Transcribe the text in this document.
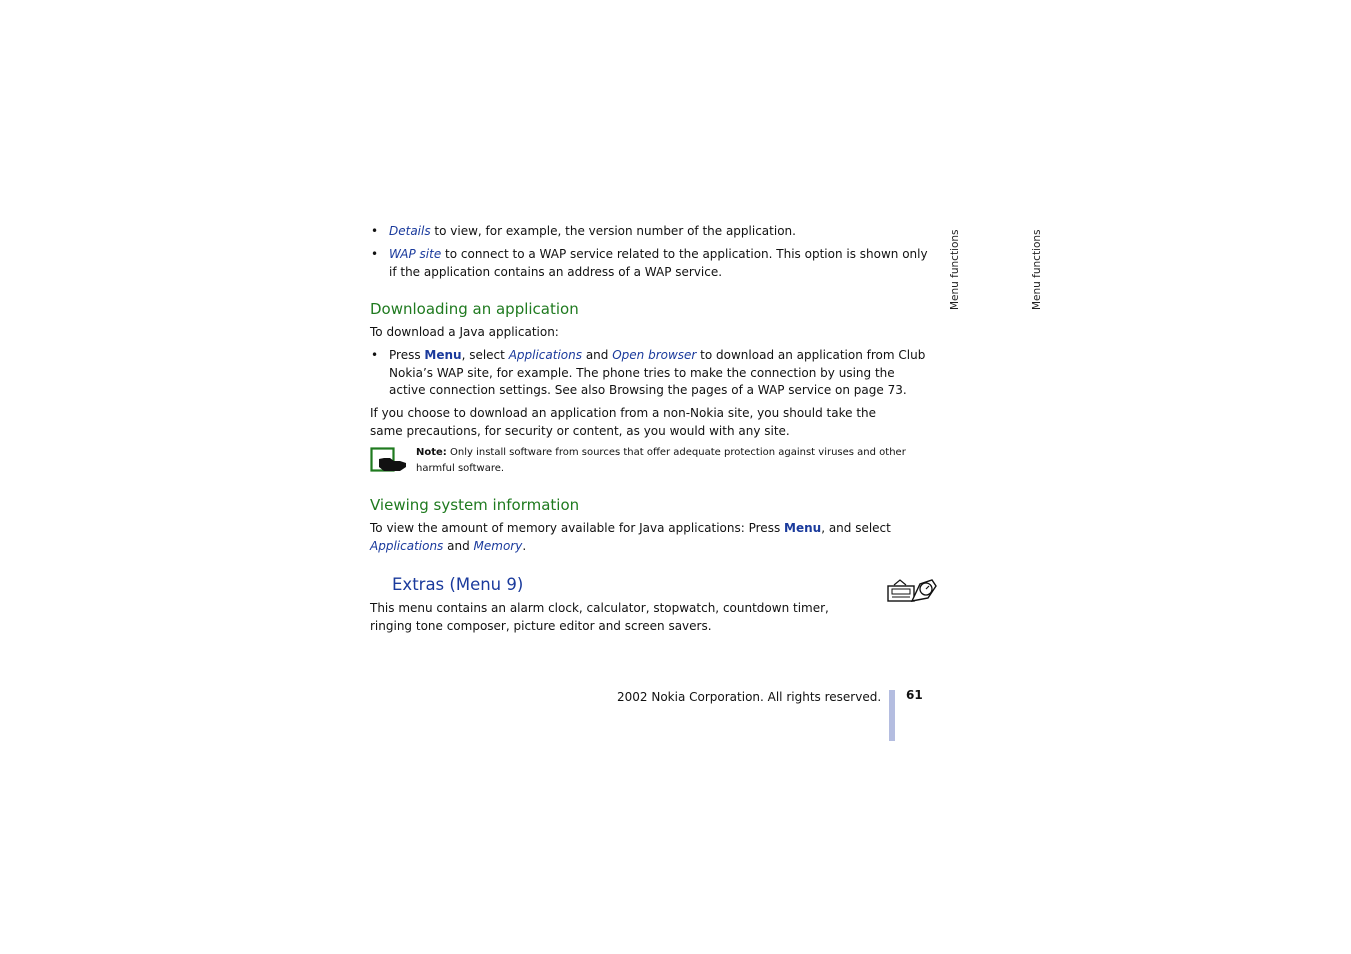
• Details to view, for example, the version number of the application.
• WAP site to connect to a WAP service related to the application. This option is shown only if the application contains an address of a WAP service.
Downloading an application
To download a Java application:
• Press Menu, select Applications and Open browser to download an application from Club Nokia’s WAP site, for example. The phone tries to make the connection by using the active connection settings. See also Browsing the pages of a WAP service on page 73.
If you choose to download an application from a non-Nokia site, you should take the same precautions, for security or content, as you would with any site.
Note: Only install software from sources that offer adequate protection against viruses and other harmful software.
Viewing system information
To view the amount of memory available for Java applications: Press Menu, and select Applications and Memory.
Extras (Menu 9)
This menu contains an alarm clock, calculator, stopwatch, countdown timer, ringing tone composer, picture editor and screen savers.
Menu functions	Menu functions
2002 Nokia Corporation. All rights reserved. 61
